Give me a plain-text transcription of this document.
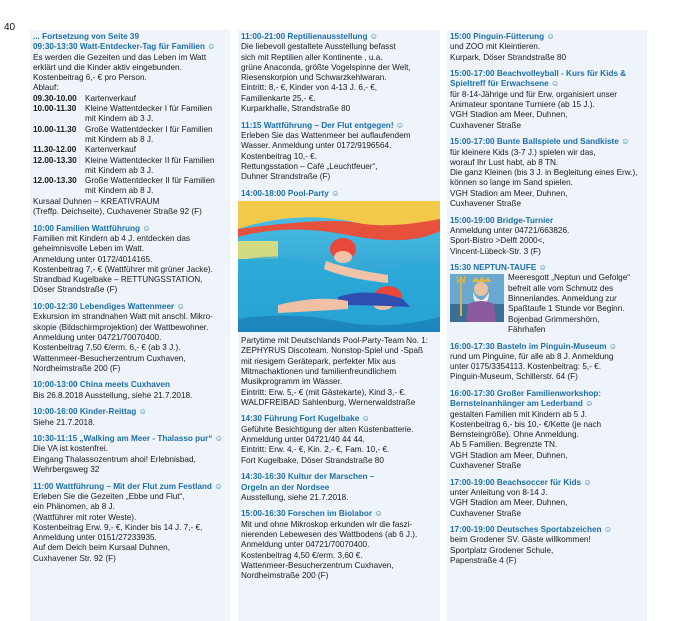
40
... Fortsetzung von Seite 39
09:30-13:30 Watt-Entdecker-Tag für Familien ☺
Es werden die Gezeiten und das Leben im Watt
erklärt und die Kinder aktiv eingebunden.
Kostenbeitrag 6,- € pro Person.
Ablauf:
09.30-10.00	Kartenverkauf
10.00-11.30	Kleine Wattentdecker I für Familien
mit Kindern ab 3 J.
10.00-11.30	Große Wattentdecker I für Familien
mit Kindern ab 8 J.
11.30-12.00	Kartenverkauf
12.00-13.30	Kleine Wattentdecker II für Familien
mit Kindern ab 3 J.
12.00-13.30	Große Wattentdecker II für Familien
mit Kindern ab 8 J.
Kursaal Duhnen – KREATIVRAUM
(Treffp. Deichseite), Cuxhavener Straße 92 (F)
10:00 Familien Wattführung ☺
Familien mit Kindern ab 4 J. entdecken das
geheimnisvolle Leben im Watt.
Anmeldung unter 0172/4014165.
Kostenbeitrag 7,- € (Wattführer mit grüner Jacke).
Strandbad Kugelbake – RETTUNGSSTATION,
Döser Strandstraße (F)
10:00-12:30 Lebendiges Wattenmeer ☺
Exkursion im strandnahen Watt mit anschl. Mikro-
skopie (Bildschirmprojektion) der Wattbewohner.
Anmeldung unter 04721/70070400.
Kostenbeitrag 7,50 €/erm. 6,- € (ab 3 J.).
Wattenmeer-Besucherzentrum Cuxhaven,
Nordheimstraße 200 (F)
10:00-13:00 China meets Cuxhaven
Bis 26.8.2018 Ausstellung, siehe 21.7.2018.
10:00-16:00 Kinder-Reittag ☺
Siehe 21.7.2018.
10:30-11:15 „Walking am Meer - Thalasso pur“ ☺
Die VA ist kostenfrei.
Eingang Thalassozentrum ahoi! Erlebnisbad,
Wehrbergsweg 32
11:00 Wattführung – Mit der Flut zum Festland ☺
Erleben Sie die Gezeiten „Ebbe und Flut“,
ein Phänomen, ab 8 J.
(Wattführer mit roter Weste).
Kostenbeitrag Erw. 9,- €, Kinder bis 14 J. 7,- €,
Anmeldung unter 0151/27233935.
Auf dem Deich beim Kursaal Duhnen,
Cuxhavener Str. 92 (F)
11:00-21:00 Reptilienausstellung ☺
Die liebevoll gestaltete Ausstellung befasst
sich mit Reptilien aller Kontinente , u.a.
grüne Anaconda, größte Vogelspinne der Welt,
Riesenskorpion und Schwarzkehlwaran.
Eintritt: 8,- €, Kinder von 4-13 J. 6,- €,
Familienkarte 25,- €.
Kurparkhalle, Strandstraße 80
11:15 Wattführung – Der Flut entgegen! ☺
Erleben Sie das Wattenmeer bei auflaufendem
Wasser. Anmeldung unter 0172/9196564.
Kostenbeitrag 10,- €.
Rettungsstation – Café „Leuchtfeuer“,
Duhner Strandstraße (F)
14:00-18:00 Pool-Party ☺
Partytime mit Deutschlands Pool-Party-Team No. 1:
ZEPHYRUS Discoteam. Nonstop-Spiel und -Spaß
mit riesigem Gerätepark, perfekter Mix aus
Mitmachaktionen und familienfreundlichem
Musikprogramm im Wasser.
Eintritt: Erw. 5,- € (mit Gästekarte), Kind 3,- €.
WALDFREIBAD Sahlenburg, Wernerwaldstraße
14:30 Führung Fort Kugelbake ☺
Geführte Besichtigung der alten Küstenbatterie.
Anmeldung unter 04721/40 44 44.
Eintritt: Erw. 4,- €, Kin. 2,- €, Fam. 10,- €.
Fort Kugelbake, Döser Strandstraße 80
14:30-16:30 Kultur der Marschen –
Orgeln an der Nordsee
Ausstellung, siehe 21.7.2018.
15:00-16:30 Forschen im Biolabor ☺
Mit und ohne Mikroskop erkunden wir die faszi-
nierenden Lebewesen des Wattbodens (ab 6 J.).
Anmeldung unter 04721/70070400.
Kostenbeitrag 4,50 €/erm. 3,60 €.
Wattenmeer-Besucherzentrum Cuxhaven,
Nordheimstraße 200 (F)
15:00 Pinguin-Fütterung ☺
und ZOO mit Kleintieren.
Kurpark, Döser Strandstraße 80
15:00-17:00 Beachvolleyball - Kurs für Kids &
Spieltreff für Erwachsene ☺
für 8-14-Jährige und für Erw. organisiert unser
Animateur spontane Turniere (ab 15 J.).
VGH Stadion am Meer, Duhnen,
Cuxhavener Straße
15:00-17:00 Bunte Ballspiele und Sandkiste ☺
für kleinere Kids (3-7 J.) spielen wir das,
worauf Ihr Lust habt, ab 8 TN.
Die ganz Kleinen (bis 3 J. in Begleitung eines Erw.),
können so lange im Sand spielen.
VGH Stadion am Meer, Duhnen,
Cuxhavener Straße
15:00-19:00 Bridge-Turnier
Anmeldung unter 04721/663826.
Sport-Bistro >Delft 2000<,
Vincent-Lübeck-Str. 3 (F)
15:30 NEPTUN-TAUFE ☺
Meeresgott „Neptun und Gefolge“
befreit alle vom Schmutz des
Binnenlandes. Anmeldung zur
Spaßtaufe 1 Stunde vor Beginn.
Bojenbad Grimmershörn,
Fährhafen
16:00-17:30 Basteln im Pinguin-Museum ☺
rund um Pinguine, für alle ab 8 J. Anmeldung
unter 0175/3354113. Kostenbeitrag: 5,- €.
Pinguin-Museum, Schillerstr. 64 (F)
16:00-17:30 Großer Familienworkshop:
Bernsteinanhänger am Lederband ☺
gestalten Familien mit Kindern ab 5 J.
Kostenbeitrag 6,- bis 10,- €/Kette (je nach
Bernsteingröße). Ohne Anmeldung.
Ab 5 Familien. Begrenzte TN.
VGH Stadion am Meer, Duhnen,
Cuxhavener Straße
17:00-19:00 Beachsoccer für Kids ☺
unter Anleitung von 8-14 J.
VGH Stadion am Meer, Duhnen,
Cuxhavener Straße
17:00-19:00 Deutsches Sportabzeichen ☺
beim Grodener SV. Gäste willkommen!
Sportplatz Grodener Schule,
Papenstraße 4 (F)
